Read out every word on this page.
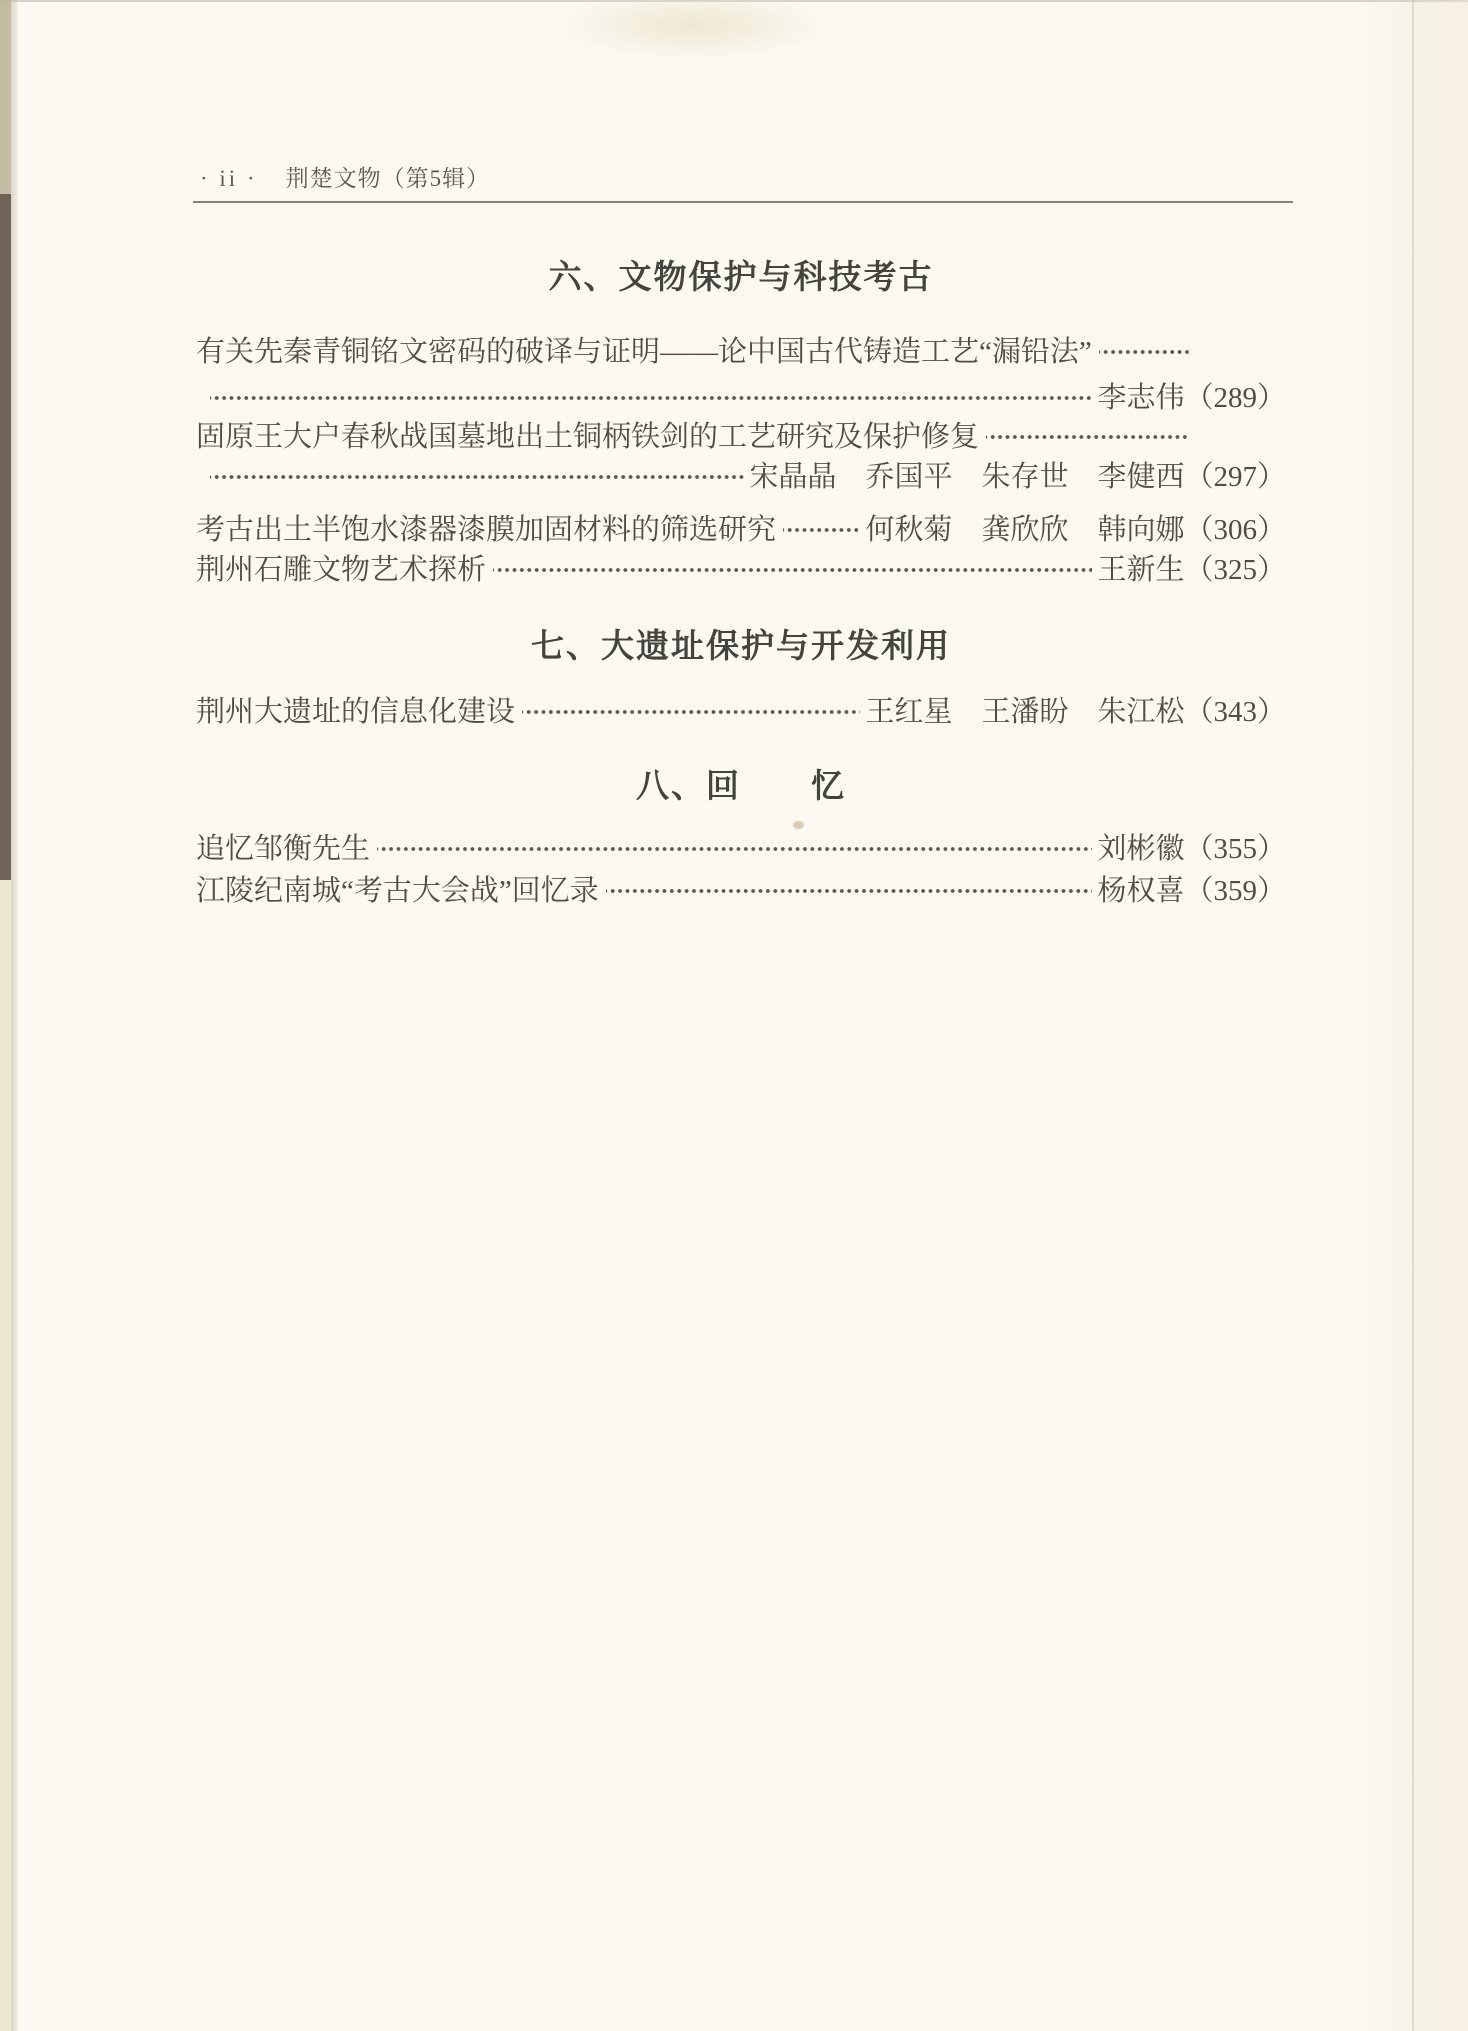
· ii · 荆楚文物（第5辑）
六、文物保护与科技考古
有关先秦青铜铭文密码的破译与证明——论中国古代铸造工艺“漏铅法”
李志伟 （289）
固原王大户春秋战国墓地出土铜柄铁剑的工艺研究及保护修复
宋晶晶　乔国平　朱存世　李健西 （297）
考古出土半饱水漆器漆膜加固材料的筛选研究	何秋菊　龚欣欣　韩向娜 （306）
荆州石雕文物艺术探析	王新生 （325）
七、大遗址保护与开发利用
荆州大遗址的信息化建设	王红星　王潘盼　朱江松 （343）
八、回　　忆
追忆邹衡先生	刘彬徽 （355）
江陵纪南城“考古大会战”回忆录	杨权喜 （359）
